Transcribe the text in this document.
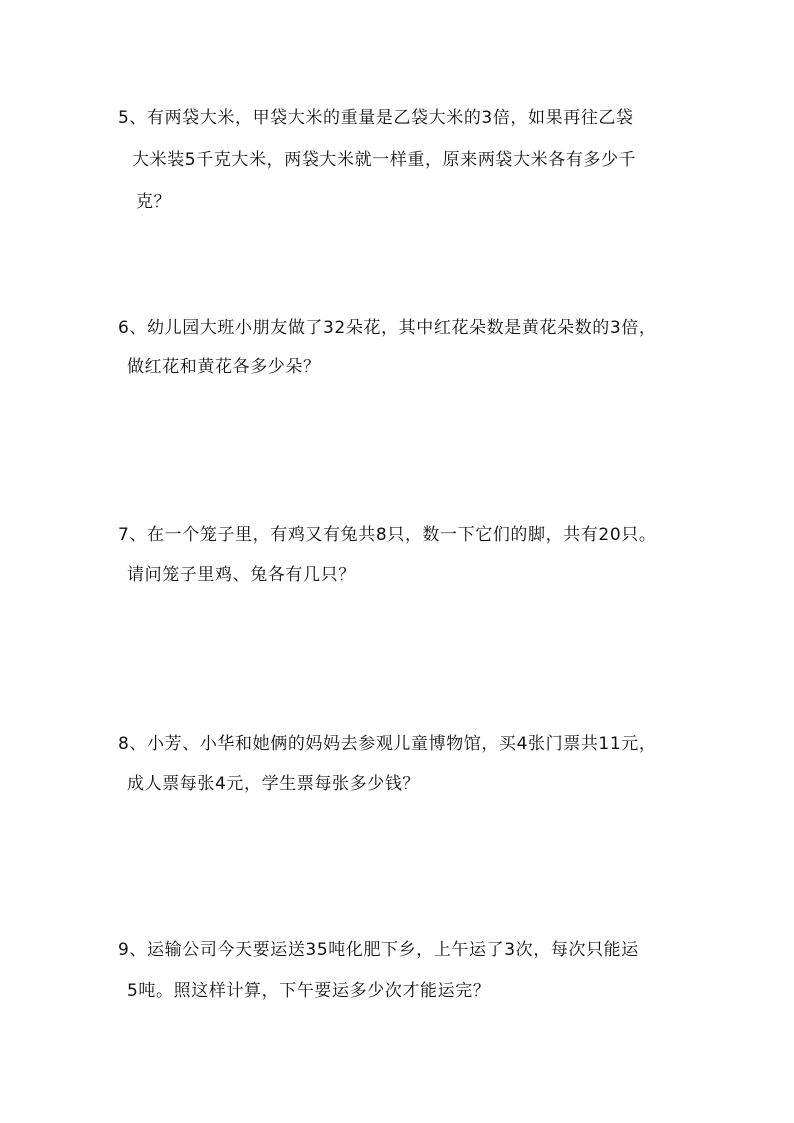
5、有两袋大米，甲袋大米的重量是乙袋大米的3倍，如果再往乙袋
大米装5千克大米，两袋大米就一样重，原来两袋大米各有多少千
克？
6、幼儿园大班小朋友做了32朵花，其中红花朵数是黄花朵数的3倍，
做红花和黄花各多少朵？
7、在一个笼子里，有鸡又有兔共8只，数一下它们的脚，共有20只。
请问笼子里鸡、兔各有几只？
8、小芳、小华和她俩的妈妈去参观儿童博物馆，买4张门票共11元，
成人票每张4元，学生票每张多少钱？
9、运输公司今天要运送35吨化肥下乡，上午运了3次，每次只能运
5吨。照这样计算，下午要运多少次才能运完？
